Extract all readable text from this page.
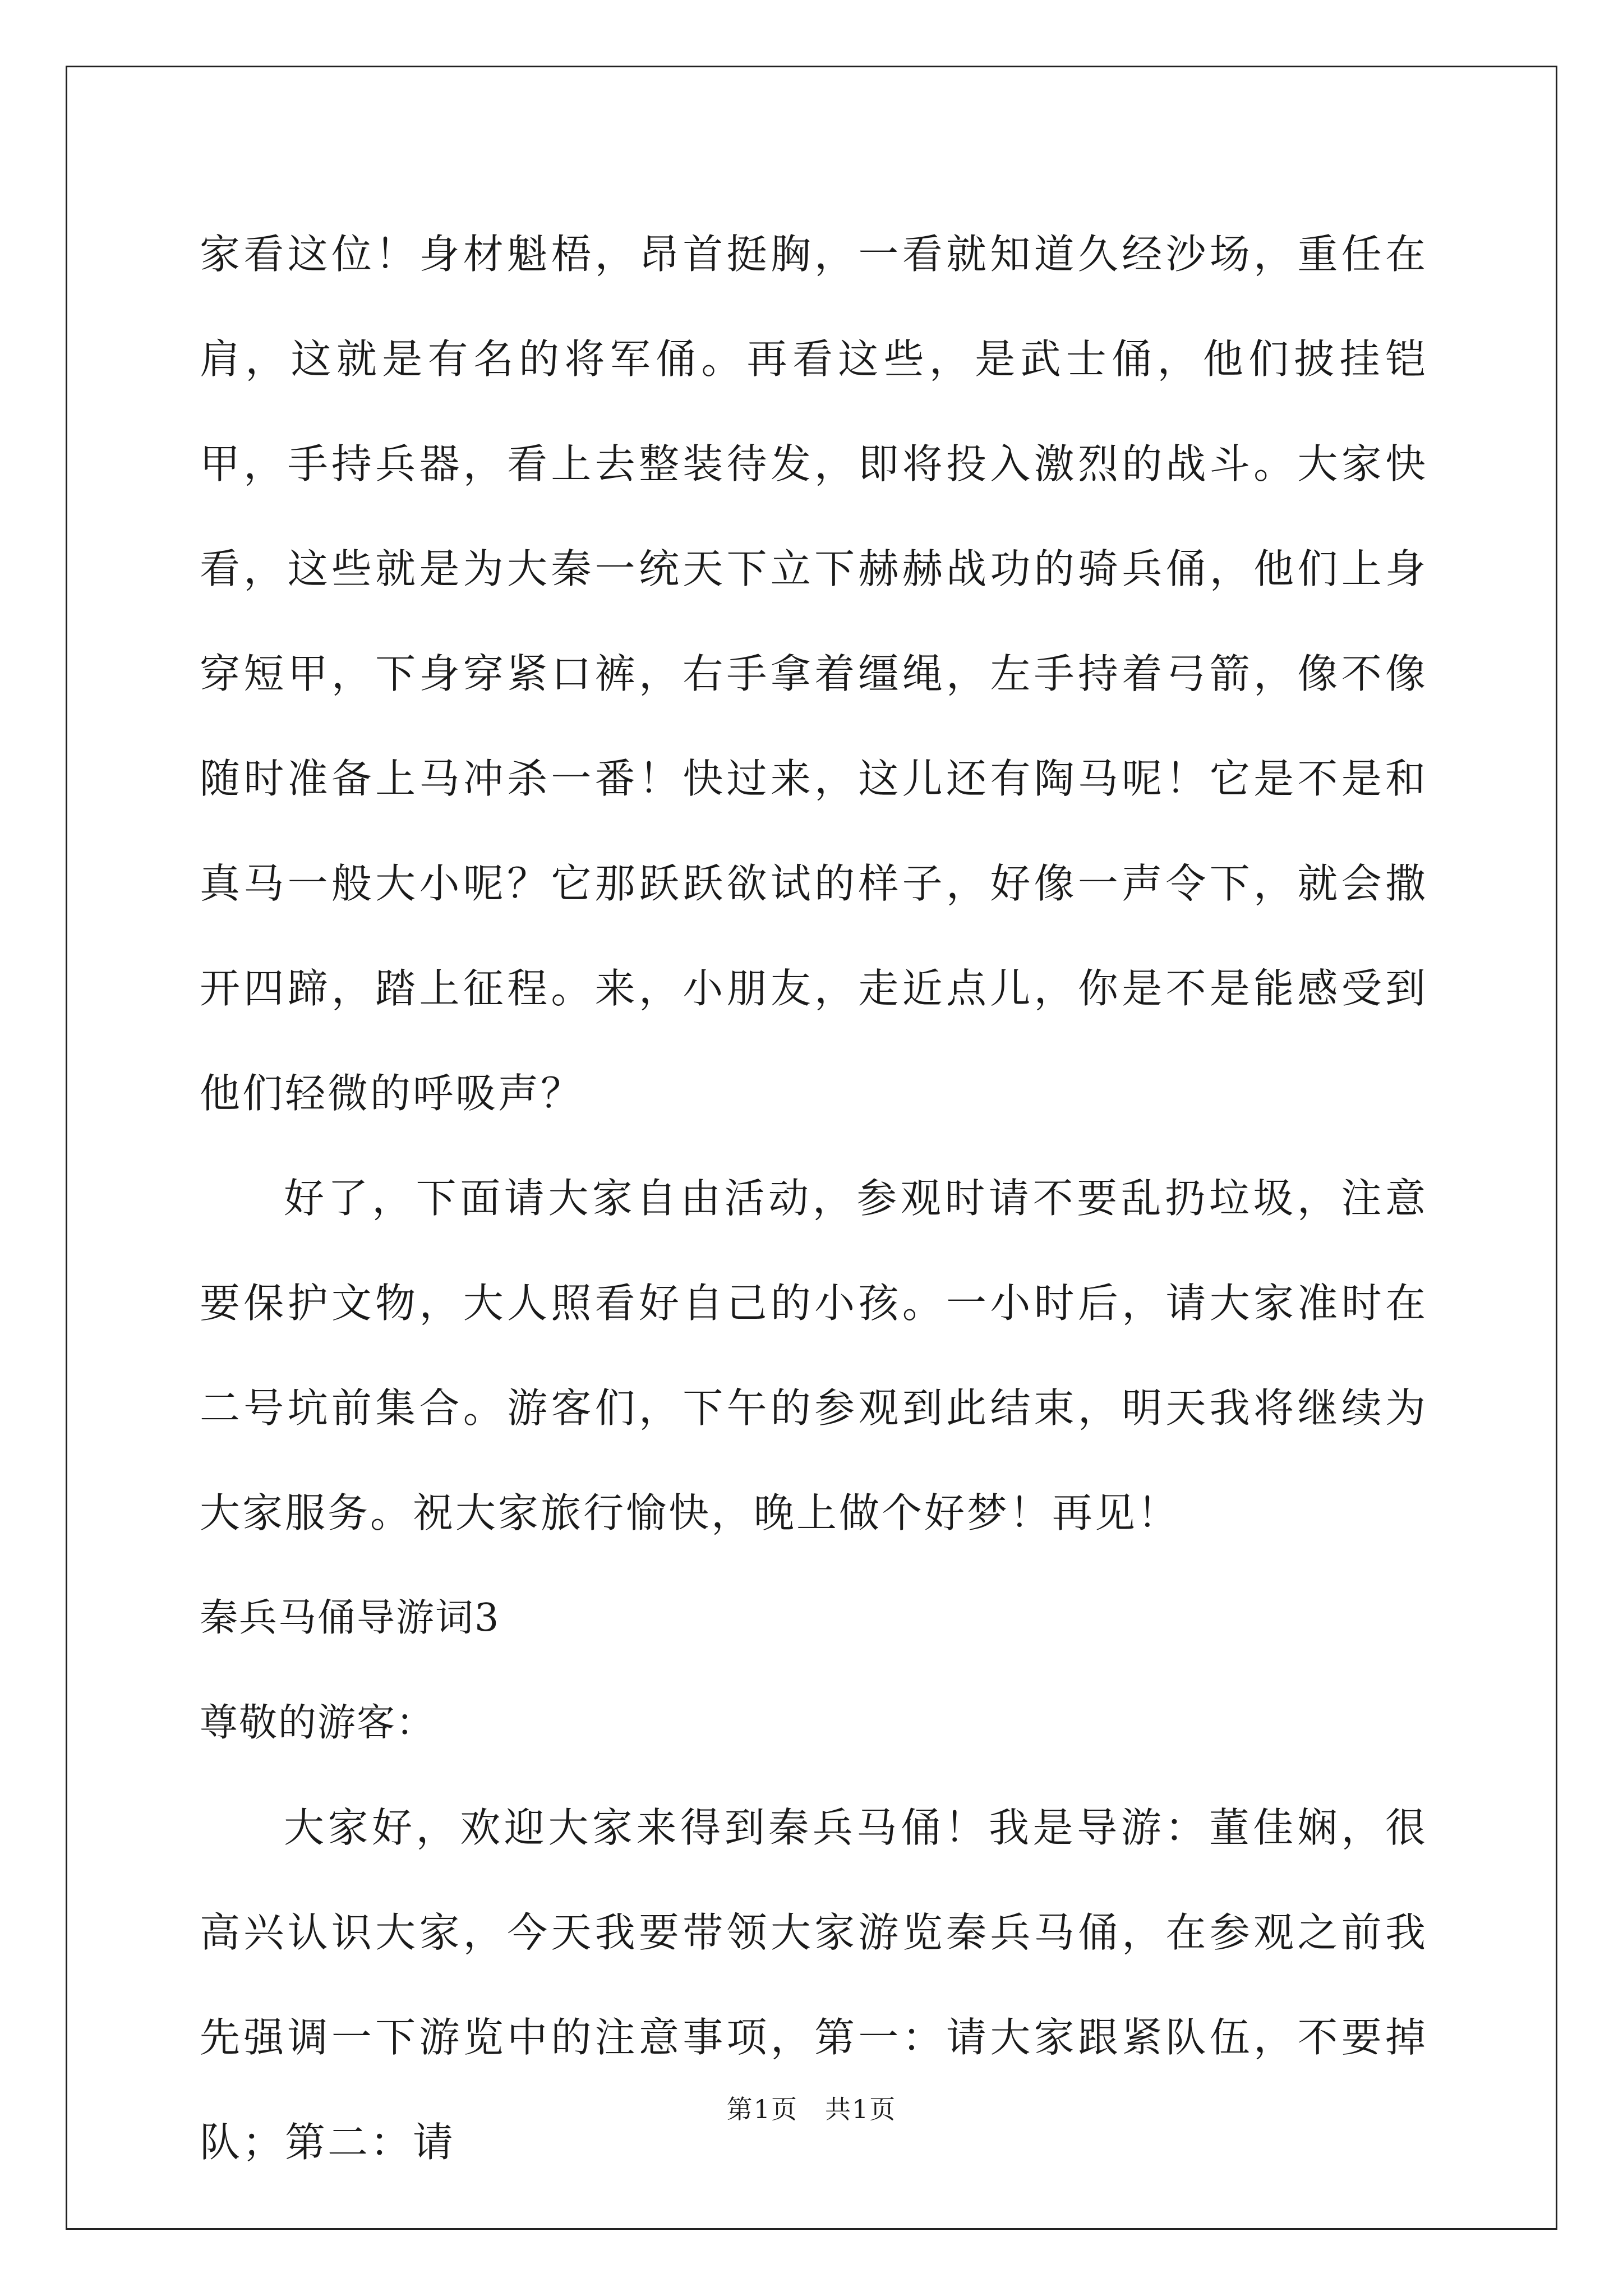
家看这位！身材魁梧，昂首挺胸，一看就知道久经沙场，重任在肩，这就是有名的将军俑。再看这些，是武士俑，他们披挂铠甲，手持兵器，看上去整装待发，即将投入激烈的战斗。大家快看，这些就是为大秦一统天下立下赫赫战功的骑兵俑，他们上身穿短甲，下身穿紧口裤，右手拿着缰绳，左手持着弓箭，像不像随时准备上马冲杀一番！快过来，这儿还有陶马呢！它是不是和真马一般大小呢？它那跃跃欲试的样子，好像一声令下，就会撒开四蹄，踏上征程。来，小朋友，走近点儿，你是不是能感受到他们轻微的呼吸声？

好了，下面请大家自由活动，参观时请不要乱扔垃圾，注意要保护文物，大人照看好自己的小孩。一小时后，请大家准时在二号坑前集合。游客们，下午的参观到此结束，明天我将继续为大家服务。祝大家旅行愉快，晚上做个好梦！再见！

秦兵马俑导游词3

尊敬的游客：

大家好，欢迎大家来得到秦兵马俑！我是导游：董佳娴，很高兴认识大家，今天我要带领大家游览秦兵马俑，在参观之前我先强调一下游览中的注意事项，第一：请大家跟紧队伍，不要掉队；第二：请

第1页　共1页
